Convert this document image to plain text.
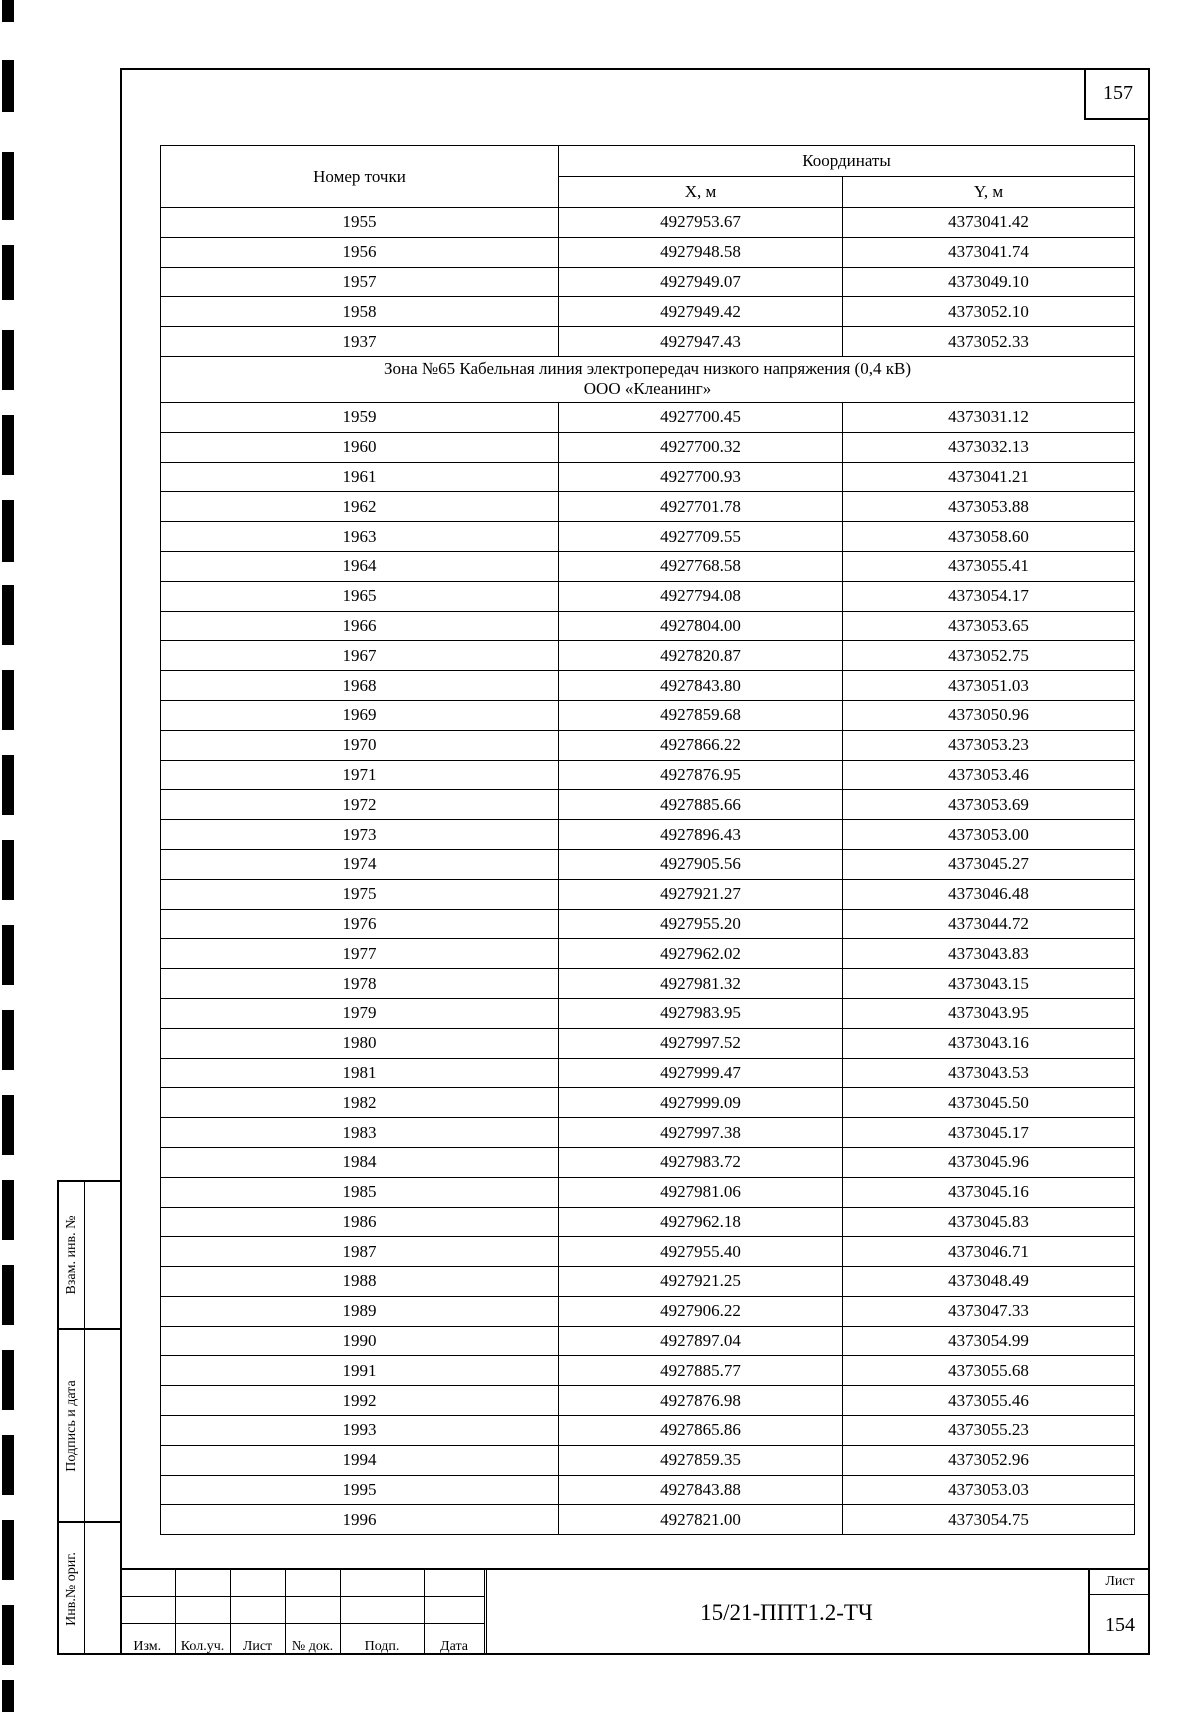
157
Номер точки	Координаты	
	X, м	Y, м
1955	4927953.67	4373041.42
1956	4927948.58	4373041.74
1957	4927949.07	4373049.10
1958	4927949.42	4373052.10
1937	4927947.43	4373052.33

Зона №65 Кабельная линия электропередач низкого напряжения (0,4 кВ)
ООО «Клеанинг»		

1959	4927700.45	4373031.12
1960	4927700.32	4373032.13
1961	4927700.93	4373041.21
1962	4927701.78	4373053.88
1963	4927709.55	4373058.60
1964	4927768.58	4373055.41
1965	4927794.08	4373054.17
1966	4927804.00	4373053.65
1967	4927820.87	4373052.75
1968	4927843.80	4373051.03
1969	4927859.68	4373050.96
1970	4927866.22	4373053.23
1971	4927876.95	4373053.46
1972	4927885.66	4373053.69
1973	4927896.43	4373053.00
1974	4927905.56	4373045.27
1975	4927921.27	4373046.48
1976	4927955.20	4373044.72
1977	4927962.02	4373043.83
1978	4927981.32	4373043.15
1979	4927983.95	4373043.95
1980	4927997.52	4373043.16
1981	4927999.47	4373043.53
1982	4927999.09	4373045.50
1983	4927997.38	4373045.17
1984	4927983.72	4373045.96
1985	4927981.06	4373045.16
1986	4927962.18	4373045.83
1987	4927955.40	4373046.71
1988	4927921.25	4373048.49
1989	4927906.22	4373047.33
1990	4927897.04	4373054.99
1991	4927885.77	4373055.68
1992	4927876.98	4373055.46
1993	4927865.86	4373055.23
1994	4927859.35	4373052.96
1995	4927843.88	4373053.03
1996	4927821.00	4373054.75
Взам. инв. №
Подпись и дата
Инв.№ ориг.

Изм.	Кол.уч.	Лист	№ док.	Подп.	Дата
15/21-ППТ1.2-ТЧ
Лист
154
